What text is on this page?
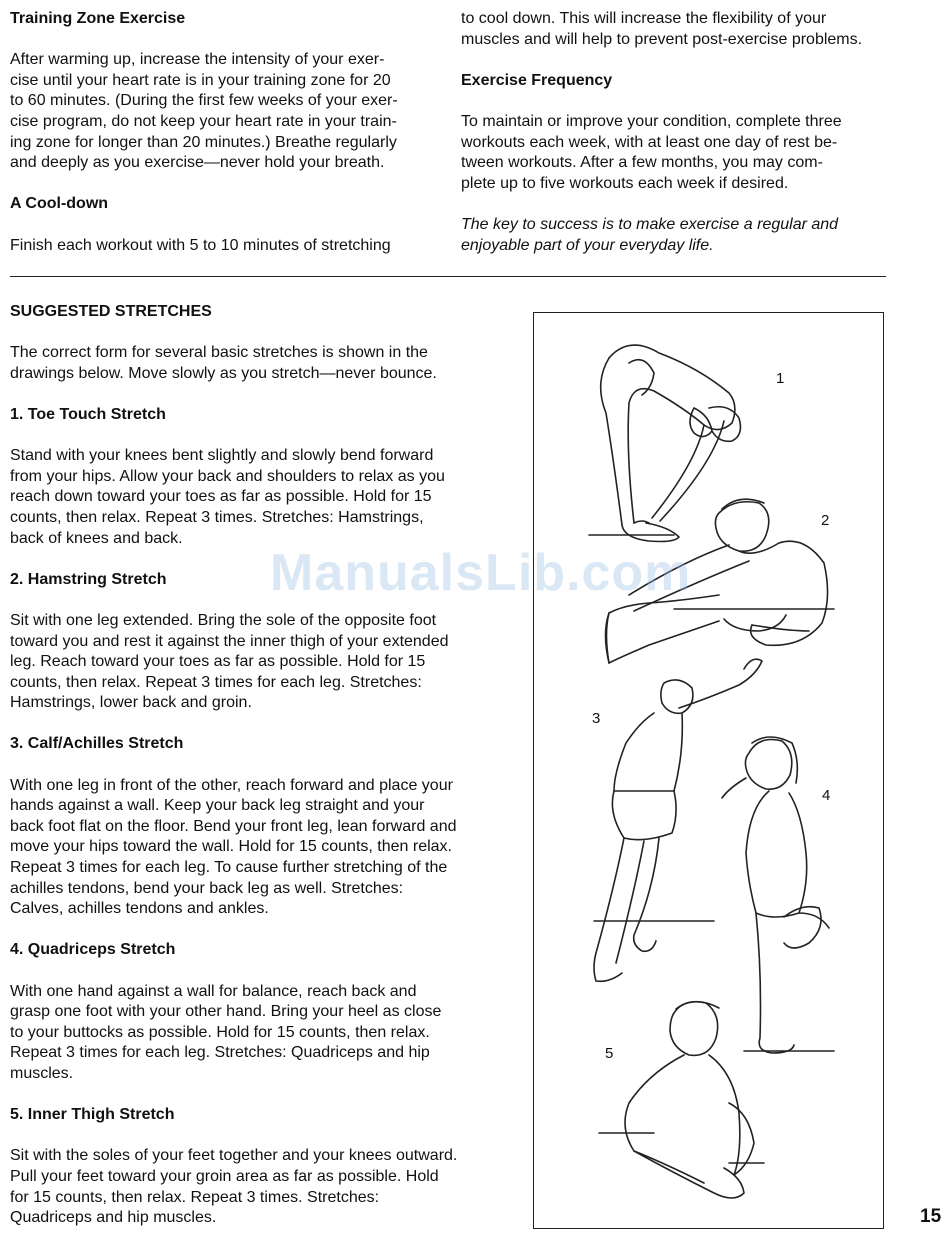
Training Zone Exercise

After warming up, increase the intensity of your exer-

cise until your heart rate is in your training zone for 20

to 60 minutes. (During the first few weeks of your exer-

cise program, do not keep your heart rate in your train-

ing zone for longer than 20 minutes.) Breathe regularly

and deeply as you exercise—never hold your breath.

A Cool-down

Finish each workout with 5 to 10 minutes of stretching

to cool down. This will increase the flexibility of your

muscles and will help to prevent post-exercise problems.

Exercise Frequency

To maintain or improve your condition, complete three

workouts each week, with at least one day of rest be-

tween workouts. After a few months, you may com-

plete up to five workouts each week if desired.

The key to success is to make exercise a regular and

enjoyable part of your everyday life.

SUGGESTED STRETCHES

The correct form for several basic stretches is shown in the

drawings below. Move slowly as you stretch—never bounce.

1. Toe Touch Stretch

Stand with your knees bent slightly and slowly bend forward

from your hips. Allow your back and shoulders to relax as you

reach down toward your toes as far as possible. Hold for 15

counts, then relax. Repeat 3 times. Stretches: Hamstrings,

back of knees and back.

2. Hamstring Stretch

Sit with one leg extended. Bring the sole of the opposite foot

toward you and rest it against the inner thigh of your extended

leg. Reach toward your toes as far as possible. Hold for 15

counts, then relax. Repeat 3 times for each leg. Stretches:

Hamstrings, lower back and groin.

3. Calf/Achilles Stretch

With one leg in front of the other, reach forward and place your

hands against a wall. Keep your back leg straight and your

back foot flat on the floor. Bend your front leg, lean forward and

move your hips toward the wall. Hold for 15 counts, then relax.

Repeat 3 times for each leg. To cause further stretching of the

achilles tendons, bend your back leg as well. Stretches:

Calves, achilles tendons and ankles.

4. Quadriceps Stretch

With one hand against a wall for balance, reach back and

grasp one foot with your other hand. Bring your heel as close

to your buttocks as possible. Hold for 15 counts, then relax.

Repeat 3 times for each leg. Stretches: Quadriceps and hip

muscles.

5. Inner Thigh Stretch

Sit with the soles of your feet together and your knees outward.

Pull your feet toward your groin area as far as possible. Hold

for 15 counts, then relax. Repeat 3 times. Stretches:

Quadriceps and hip muscles.

1
2
3
4
5
ManualsLib.com
15
